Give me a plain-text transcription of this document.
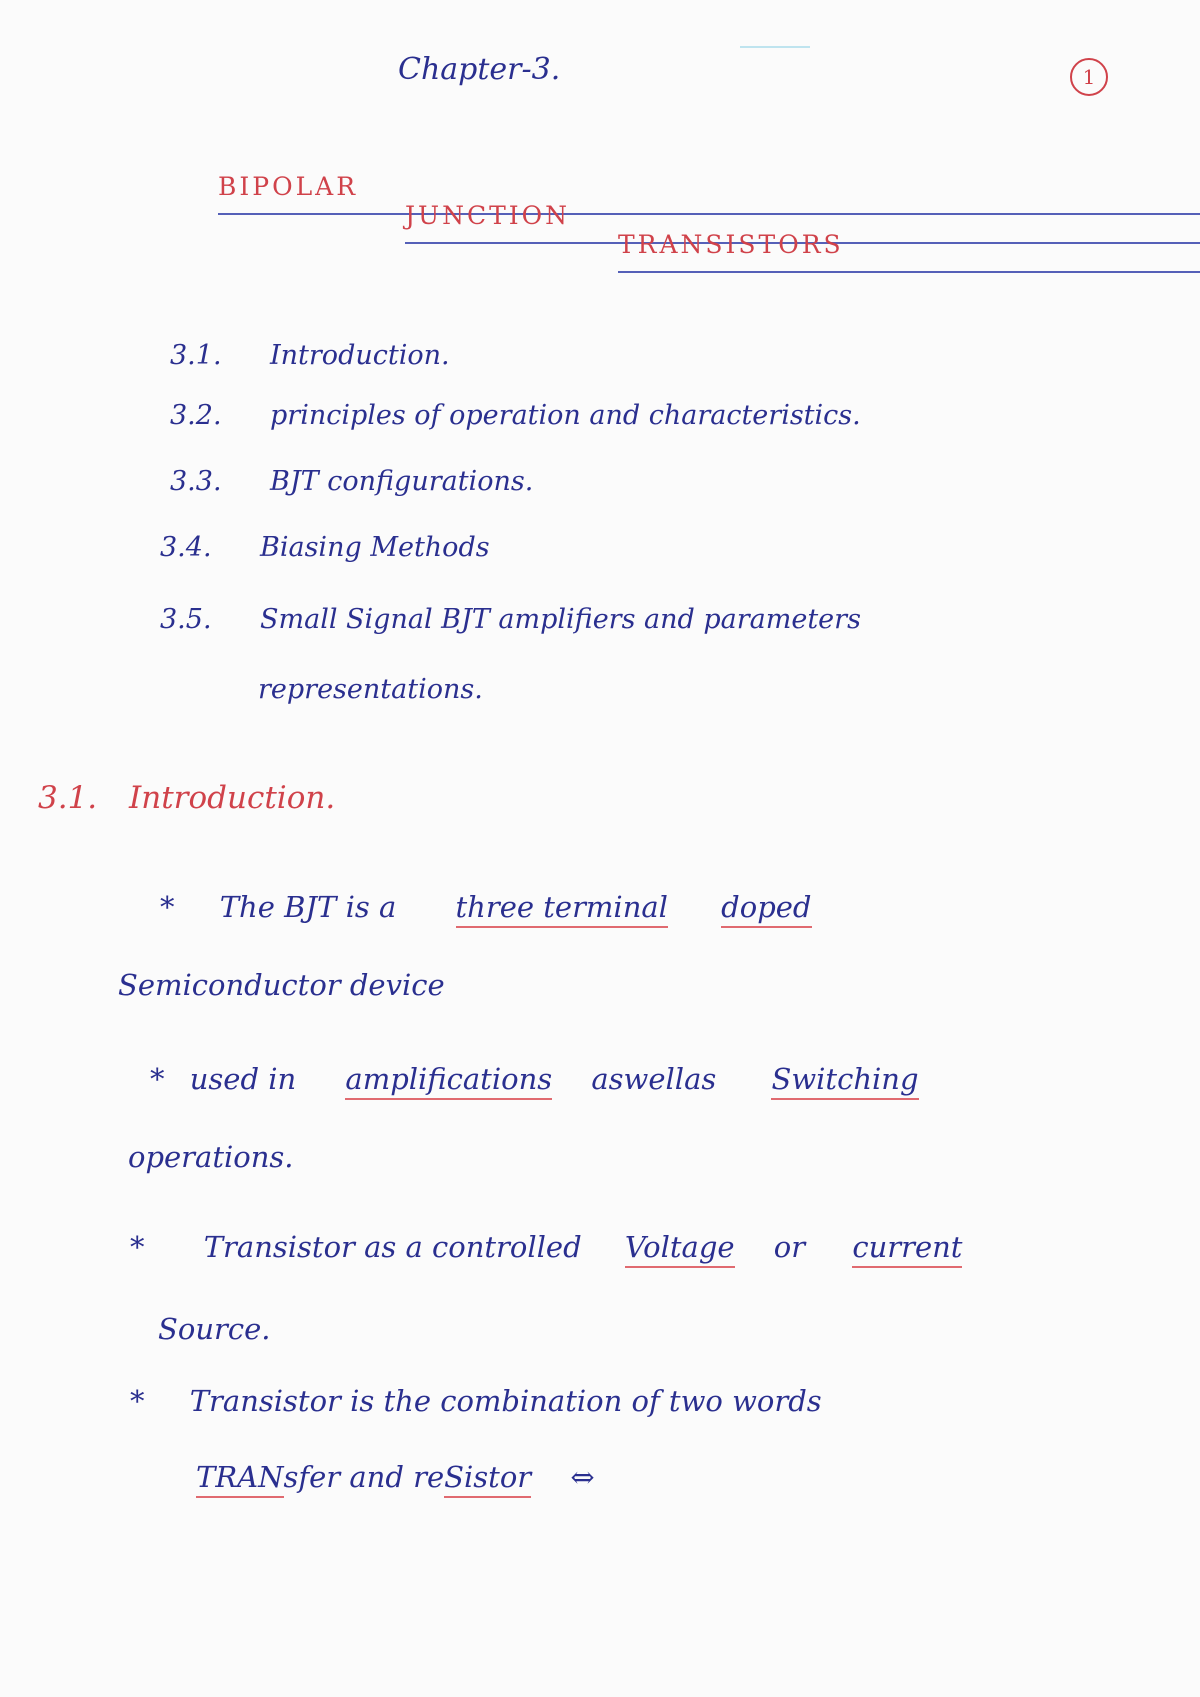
Chapter-3.	1
BIPOLAR
JUNCTION
TRANSISTORS
3.1. Introduction.
3.2. principles of operation and characteristics.
3.3. BJT configurations.
3.4. Biasing Methods
3.5. Small Signal BJT amplifiers and parameters
representations.
3.1. Introduction.
* The BJT is a three terminal doped
Semiconductor device
* used in amplifications aswellas Switching
operations.
* Transistor as a controlled Voltage or current
Source.
* Transistor is the combination of two words
TRANsfer and reSistor ⇔
